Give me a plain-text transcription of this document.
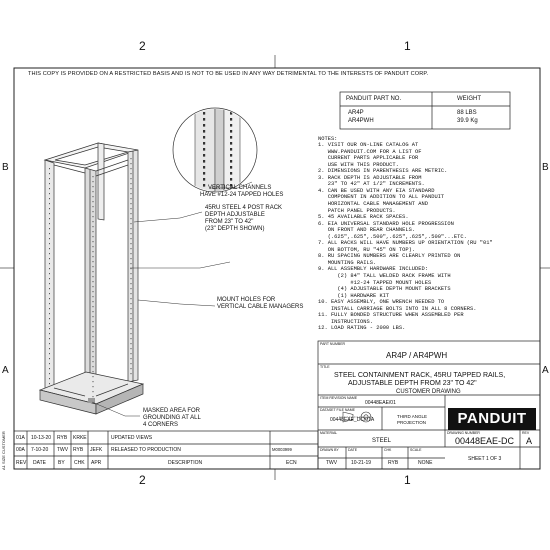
2	1
2	1
B
A
B
A
THIS COPY IS PROVIDED ON A RESTRICTED BASIS AND IS NOT TO BE USED IN ANY WAY DETRIMENTAL TO THE INTERESTS OF PANDUIT CORP.
PANDUIT PART NO.	WEIGHT
AR4P	88 LBS
AR4PWH	39.9 Kg
VERTICAL CHANNELS
HAVE #12-24 TAPPED HOLES
45RU STEEL 4 POST RACK
DEPTH ADJUSTABLE
FROM 23" TO 42"
(23" DEPTH SHOWN)
MOUNT HOLES FOR
VERTICAL CABLE MANAGERS
MASKED AREA FOR
GROUNDING AT ALL
4 CORNERS

NOTES:
1. VISIT OUR ON-LINE CATALOG AT
WWW.PANDUIT.COM FOR A LIST OF
CURRENT PARTS APPLICABLE FOR
USE WITH THIS PRODUCT.
2. DIMENSIONS IN PARENTHESIS ARE METRIC.
3. RACK DEPTH IS ADJUSTABLE FROM
23" TO 42" AT 1/2" INCREMENTS.
4. CAN BE USED WITH ANY EIA STANDARD
COMPONENT IN ADDITION TO ALL PANDUIT
HORIZONTAL CABLE MANAGEMENT AND
PATCH PANEL PRODUCTS.
5. 45 AVAILABLE RACK SPACES.
6. EIA UNIVERSAL STANDARD HOLE PROGRESSION
ON FRONT AND REAR CHANNELS.
(.625",.625",.500",.625",.625",.500"...ETC.
7. ALL RACKS WILL HAVE NUMBERS UP ORIENTATION (RU "01"
ON BOTTOM, RU "45" ON TOP).
8. RU SPACING NUMBERS ARE CLEARLY PRINTED ON
MOUNTING RAILS.
9. ALL ASSEMBLY HARDWARE INCLUDED:
(2) 84" TALL WELDED RACK FRAME WITH
#12-24 TAPPED MOUNT HOLES
(4) ADJUSTABLE DEPTH MOUNT BRACKETS
(1) HARDWARE KIT
10. EASY ASSEMBLY, ONE WRENCH NEEDED TO
INSTALL CARRIAGE BOLTS INTO IN ALL 8 CORNERS.
11. FULLY BONDED STRUCTURE WHEN ASSEMBLED PER
INSTRUCTIONS.
12. LOAD RATING - 2000 LBS.

PART NUMBER
AR4P / AR4PWH
TITLE
STEEL CONTAINMENT RACK, 45RU TAPPED RAILS,
ADJUSTABLE DEPTH FROM 23" TO 42"
CUSTOMER DRAWING
ITEM REVISION NAME
00448EAE/01
DATASET FILE NAME
00448EAE_DC/01A
THIRD ANGLE
PROJECTION	PANDUIT
MATERIAL
STEEL
DRAWING NUMBER
00448EAE-DC
REV
A
DRAWN BY
TWV
DATE
10-21-19
CHK
RYB
SCALE
NONE
SHEET 1 OF 3
01A 10-13-20 RYB KRKE	UPDATED VIEWS
00A 7-10-20 TWV RYB JEFK RELEASED TO PRODUCTION	M0003999
REV DATE BY CHK APR	DESCRIPTION	ECN
A1 SIZE CUSTOMER
